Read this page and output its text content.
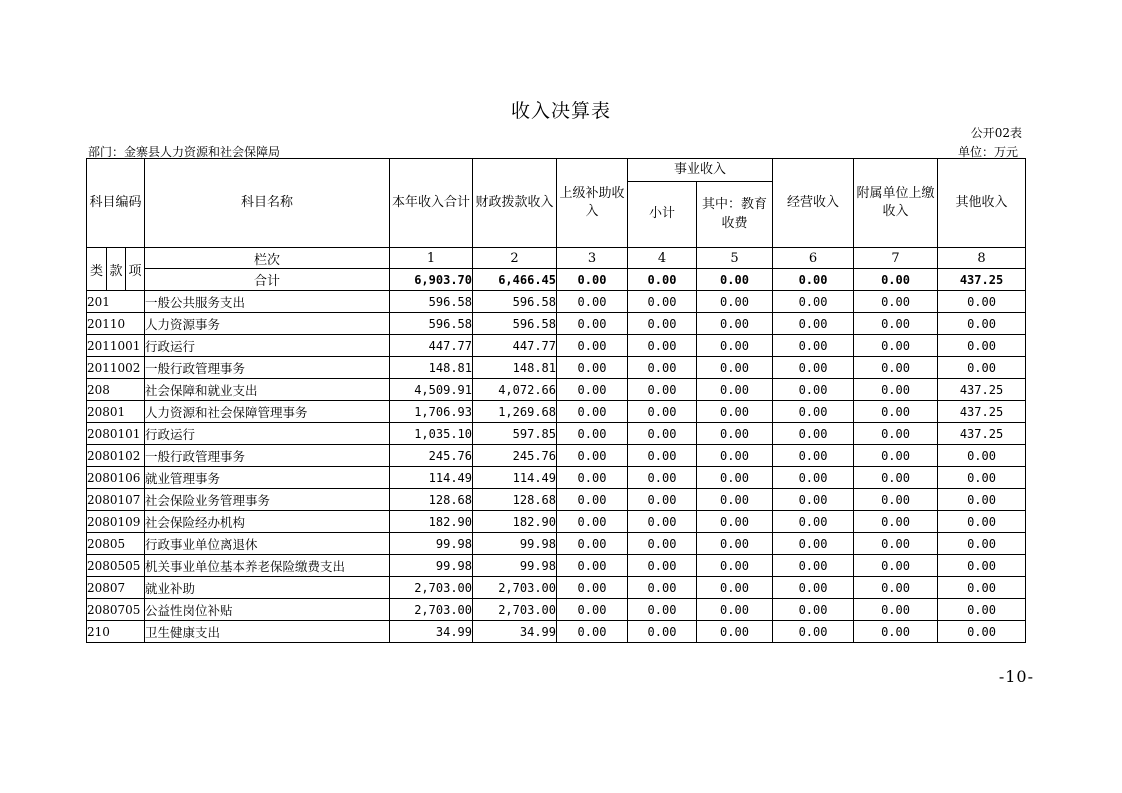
收入决算表
公开02表
部门：金寨县人力资源和社会保障局	单位：万元
科目编码			科目名称	本年收入合计	财政拨款收入	上级补助收入	事业收入		经营收入	附属单位上缴收入	其他收入
							小计	其中：教育收费			

类	款	项	栏次	1	2	3	4	5	6	7	8
			合计	6,903.70	6,466.45	0.00	0.00	0.00	0.00	0.00	437.25
201			一般公共服务支出	596.58	596.58	0.00	0.00	0.00	0.00	0.00	0.00
20110			人力资源事务	596.58	596.58	0.00	0.00	0.00	0.00	0.00	0.00
2011001			行政运行	447.77	447.77	0.00	0.00	0.00	0.00	0.00	0.00
2011002			一般行政管理事务	148.81	148.81	0.00	0.00	0.00	0.00	0.00	0.00
208			社会保障和就业支出	4,509.91	4,072.66	0.00	0.00	0.00	0.00	0.00	437.25
20801			人力资源和社会保障管理事务	1,706.93	1,269.68	0.00	0.00	0.00	0.00	0.00	437.25
2080101			行政运行	1,035.10	597.85	0.00	0.00	0.00	0.00	0.00	437.25
2080102			一般行政管理事务	245.76	245.76	0.00	0.00	0.00	0.00	0.00	0.00
2080106			就业管理事务	114.49	114.49	0.00	0.00	0.00	0.00	0.00	0.00
2080107			社会保险业务管理事务	128.68	128.68	0.00	0.00	0.00	0.00	0.00	0.00
2080109			社会保险经办机构	182.90	182.90	0.00	0.00	0.00	0.00	0.00	0.00
20805			行政事业单位离退休	99.98	99.98	0.00	0.00	0.00	0.00	0.00	0.00
2080505			机关事业单位基本养老保险缴费支出	99.98	99.98	0.00	0.00	0.00	0.00	0.00	0.00
20807			就业补助	2,703.00	2,703.00	0.00	0.00	0.00	0.00	0.00	0.00
2080705			公益性岗位补贴	2,703.00	2,703.00	0.00	0.00	0.00	0.00	0.00	0.00
210			卫生健康支出	34.99	34.99	0.00	0.00	0.00	0.00	0.00	0.00
-10-
